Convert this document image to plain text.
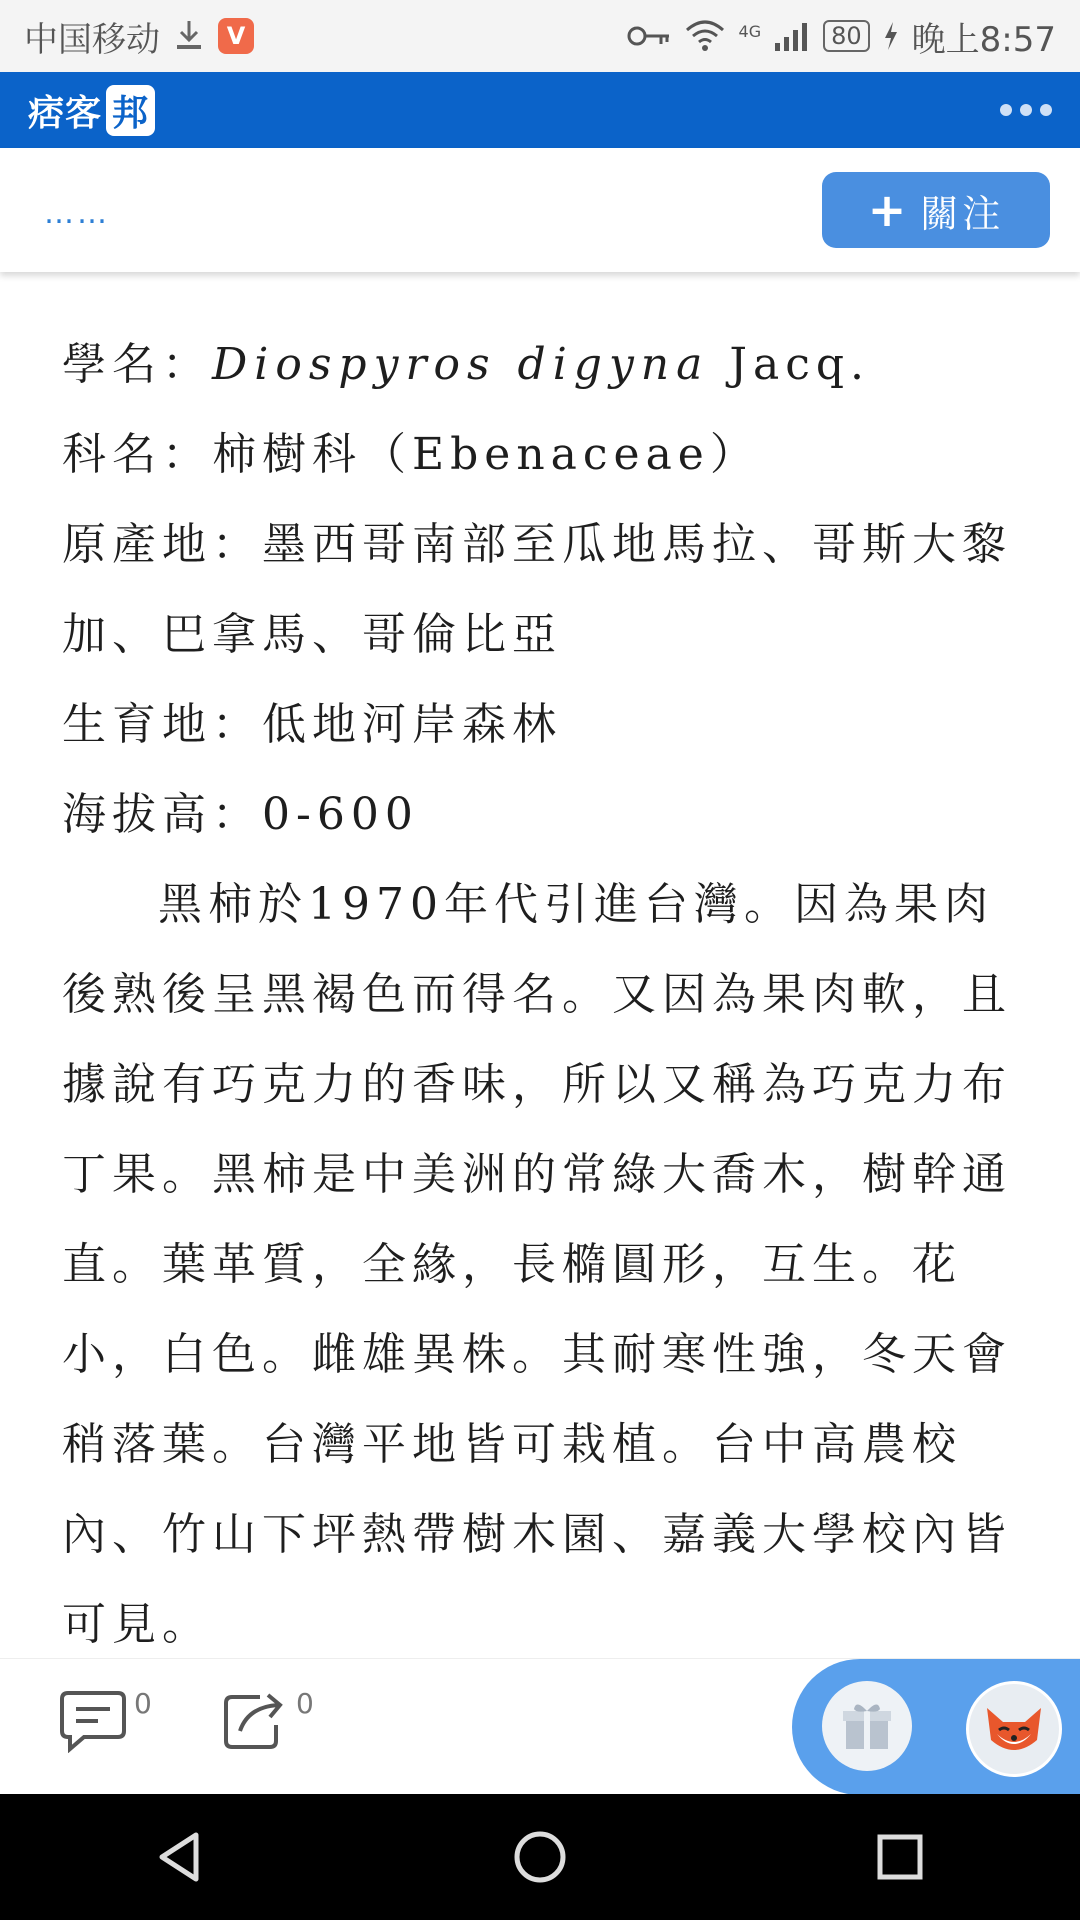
中国移动	V	4G	80 晚上8:57
痞客 邦
……	+ 關注

學名：Diospyros digyna Jacq.

科名：柿樹科（Ebenaceae）

原產地：墨西哥南部至瓜地馬拉、哥斯大黎加、巴拿馬、哥倫比亞

生育地：低地河岸森林

海拔高：0-600

黑柿於1970年代引進台灣。因為果肉後熟後呈黑褐色而得名。又因為果肉軟，且據說有巧克力的香味，所以又稱為巧克力布丁果。黑柿是中美洲的常綠大喬木，樹幹通直。葉革質，全緣，長橢圓形，互生。花小，白色。雌雄異株。其耐寒性強，冬天會稍落葉。台灣平地皆可栽植。台中高農校內、竹山下坪熱帶樹木園、嘉義大學校內皆可見。

0	0
